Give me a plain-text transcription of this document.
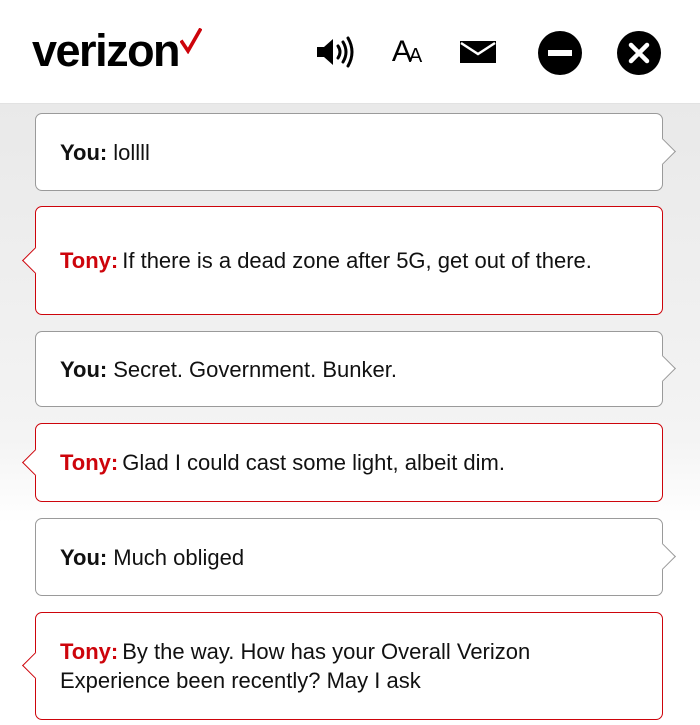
verizon	A
A
You: lollll
Tony: If there is a dead zone after 5G, get out of there.
You: Secret. Government. Bunker.
Tony: Glad I could cast some light, albeit dim.
You: Much obliged
Tony: By the way. How has your Overall Verizon Experience been recently? May I ask
